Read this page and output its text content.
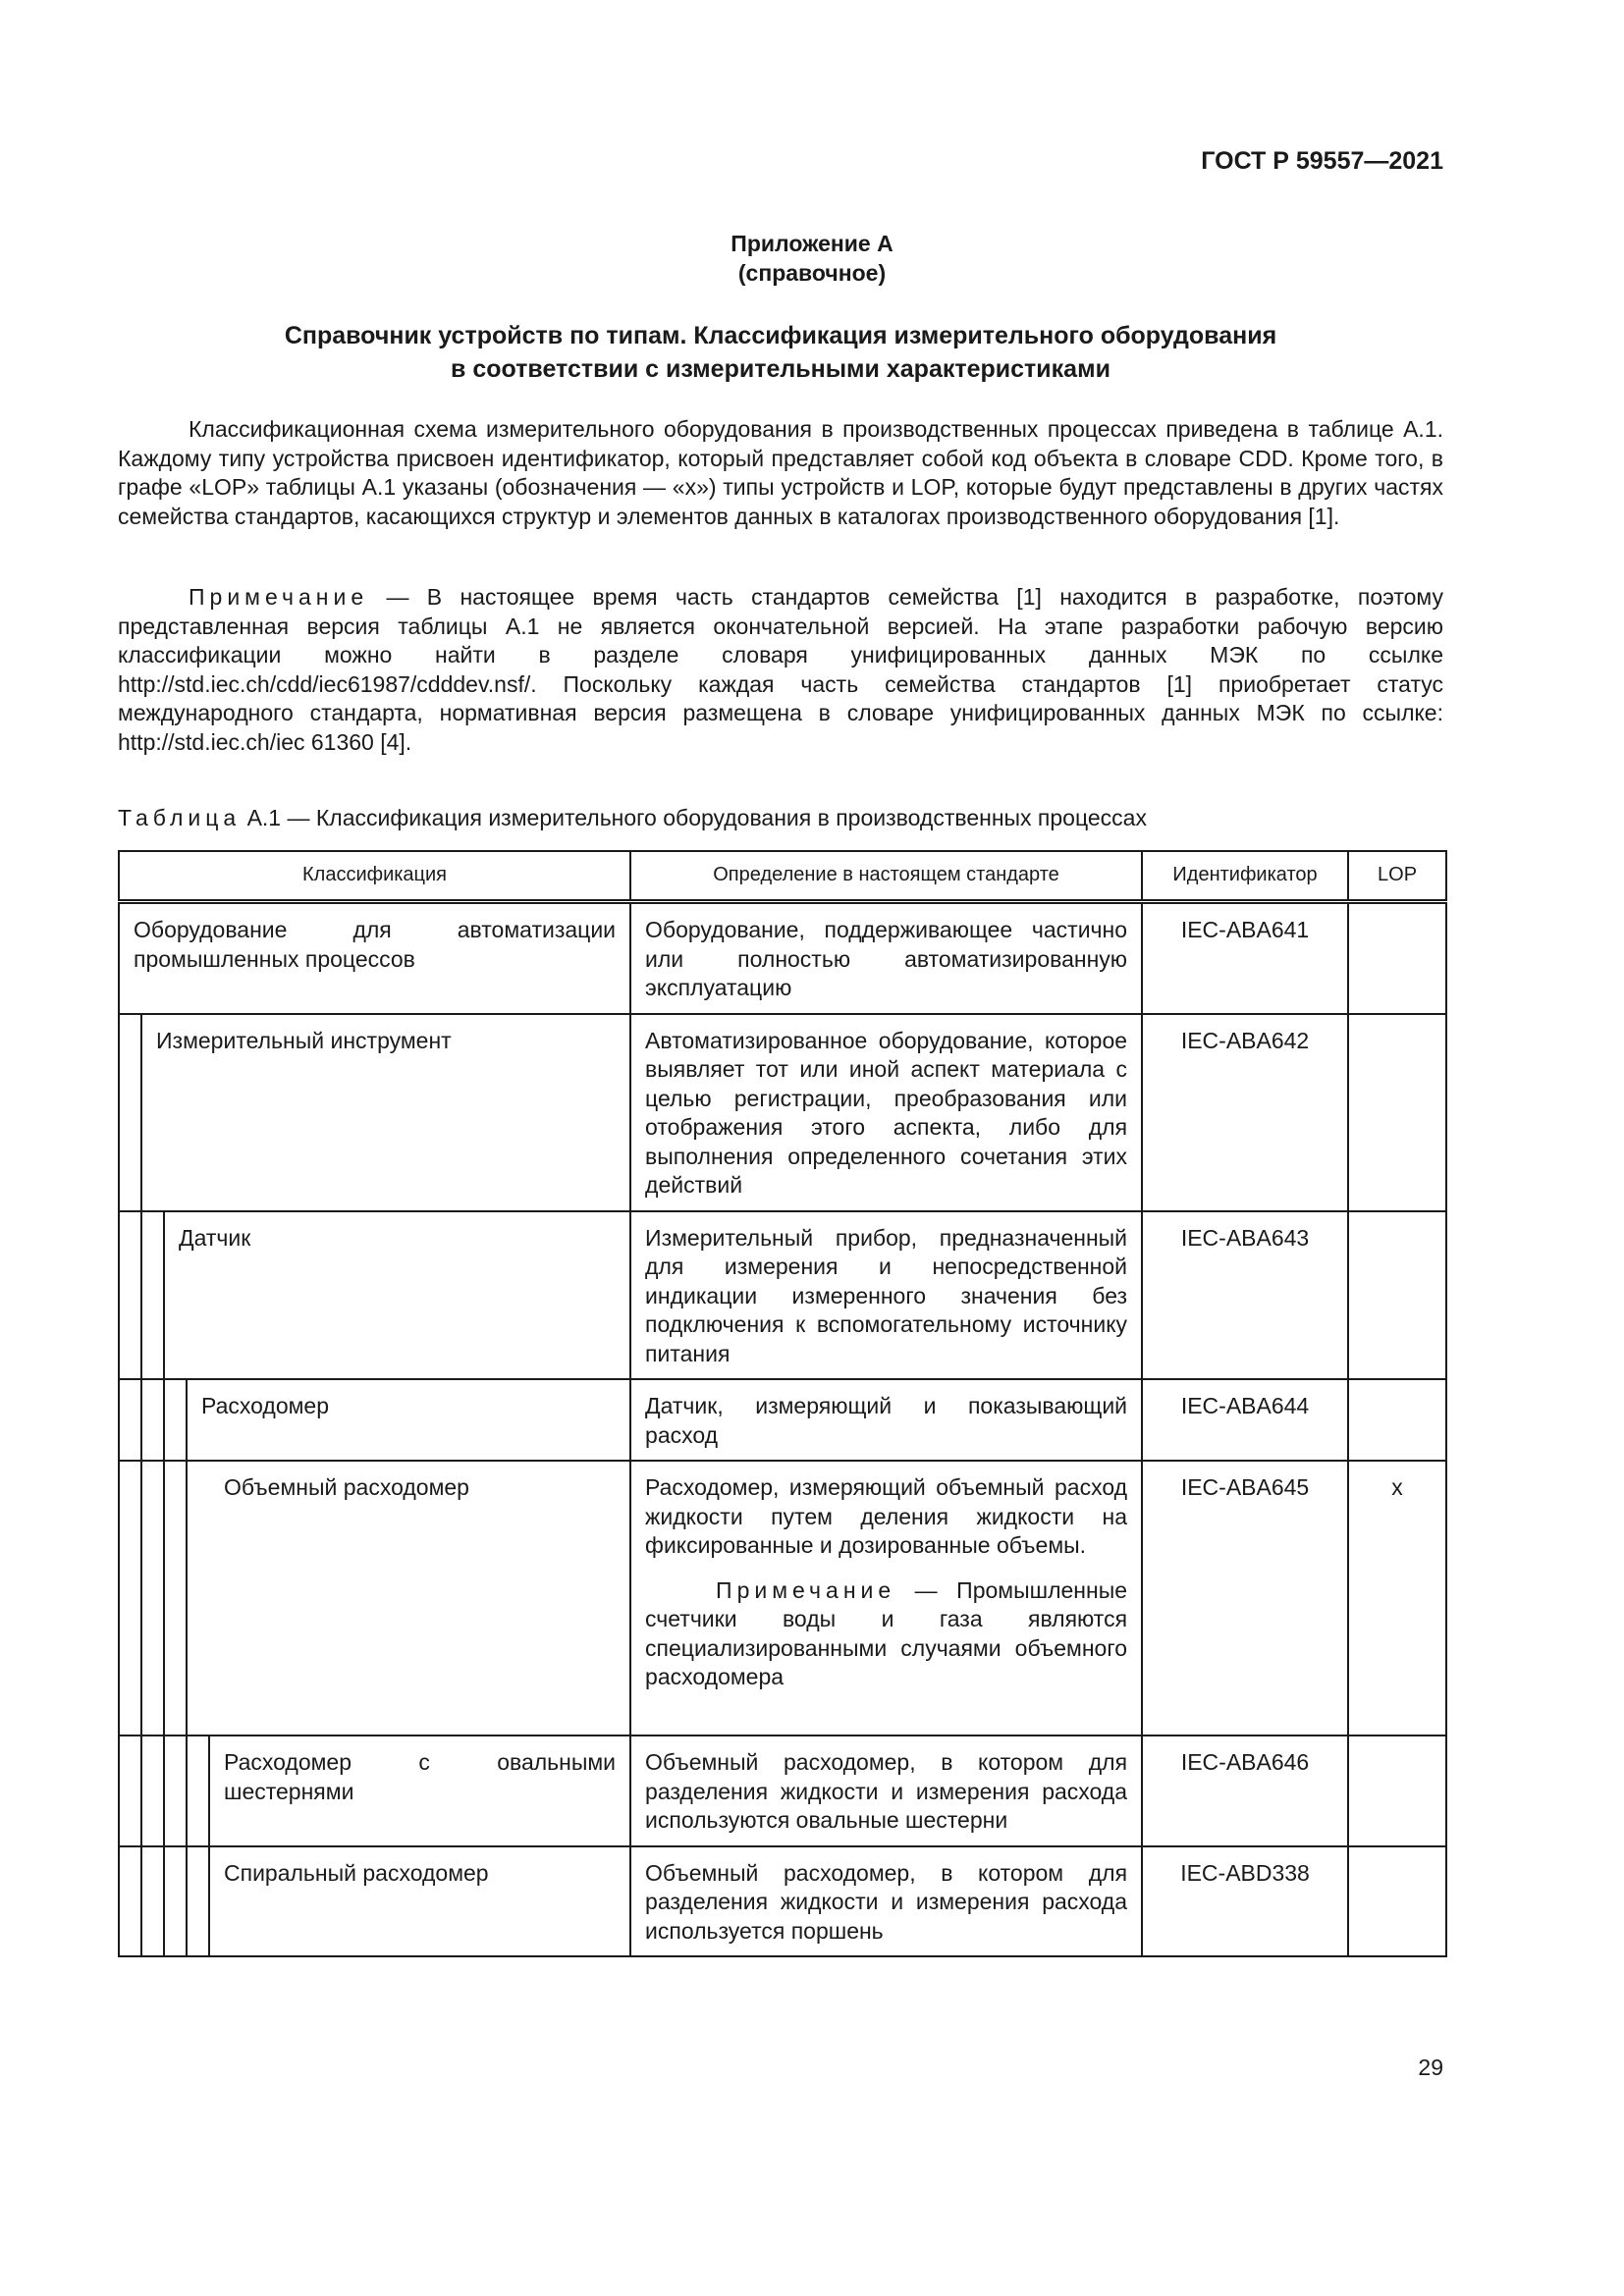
ГОСТ Р 59557—2021
Приложение А
(справочное)
Справочник устройств по типам. Классификация измерительного оборудования
в соответствии с измерительными характеристиками

Классификационная схема измерительного оборудования в производственных процессах приведена в таблице А.1. Каждому типу устройства присвоен идентификатор, который представляет собой код объекта в словаре CDD. Кроме того, в графе «LOP» таблицы А.1 указаны (обозначения — «х») типы устройств и LOP, которые будут представлены в других частях семейства стандартов, касающихся структур и элементов данных в каталогах производственного оборудования [1].

Примечание — В настоящее время часть стандартов семейства [1] находится в разработке, поэтому представленная версия таблицы А.1 не является окончательной версией. На этапе разработки рабочую версию классификации можно найти в разделе словаря унифицированных данных МЭК по ссылке http://std.iec.ch/cdd/iec61987/cdddev.nsf/. Поскольку каждая часть семейства стандартов [1] приобретает статус международного стандарта, нормативная версия размещена в словаре унифицированных данных МЭК по ссылке: http://std.iec.ch/iec 61360 [4].

Таблица А.1 — Классификация измерительного оборудования в производственных процессах
Классификация					Определение в настоящем стандарте	Идентификатор	LOP
Оборудование для автоматизации промышленных процессов					Оборудование, поддерживающее частично или полностью автоматизированную эксплуатацию	IEC-ABA641	
	Измерительный инструмент				Автоматизированное оборудование, которое выявляет тот или иной аспект материала с целью регистрации, преобразования или отображения этого аспекта, либо для выполнения определенного сочетания этих действий	IEC-ABA642	
		Датчик			Измерительный прибор, предназначенный для измерения и непосредственной индикации измеренного значения без подключения к вспомогательному источнику питания	IEC-ABA643	
			Расходомер		Датчик, измеряющий и показывающий расход	IEC-ABA644	
			Объемный расходомер		Расходомер, измеряющий объемный расход жидкости путем деления жидкости на фиксированные и дозированные объемы.

Примечание — Промышленные счетчики воды и газа являются специализированными случаями объемного расходомера	IEC-ABA645	х
				Расходомер с овальными шестернями	Объемный расходомер, в котором для разделения жидкости и измерения расхода используются овальные шестерни	IEC-ABA646	
				Спиральный расходомер	Объемный расходомер, в котором для разделения жидкости и измерения расхода используется поршень	IEC-ABD338	
29
